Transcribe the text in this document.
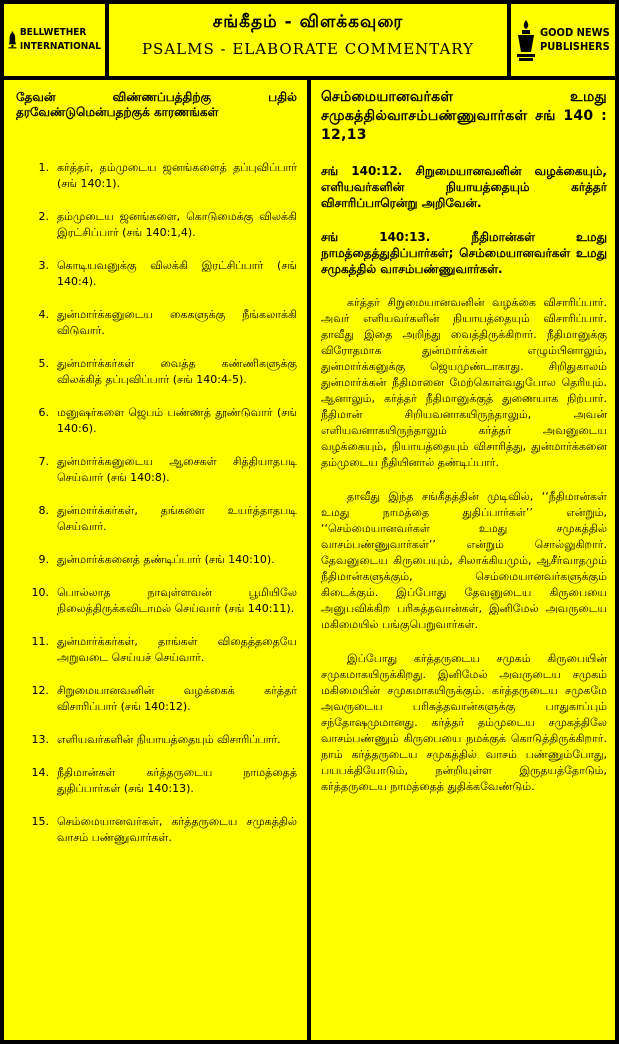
BELLWETHER
INTERNATIONAL
சங்கீதம் - விளக்கவுரை
PSALMS - ELABORATE COMMENTARY
GOOD NEWS
PUBLISHERS
தேவன் விண்ணப்பத்திற்கு பதில் தரவேண்டுமென்பதற்குக் காரணங்கள்
1. கர்த்தர், தம்முடைய ஜனங்களைத் தப்புவிப்பார் (சங் 140:1).
2. தம்முடைய ஜனங்களை, கொடுமைக்கு விலக்கி இரட்சிப்பார் (சங் 140:1,4).
3. கொடியவனுக்கு விலக்கி இரட்சிப்பார் (சங் 140:4).
4. துன்மார்க்கனுடைய கைகளுக்கு நீங்கலாக்கி விடுவார்.
5. துன்மார்க்கர்கள் வைத்த கண்ணிகளுக்கு விலக்கித் தப்புவிப்பார் (சங் 140:4-5).
6. மனுஷர்களை ஜெபம் பண்ணத் தூண்டுவார் (சங் 140:6).
7. துன்மார்க்கனுடைய ஆசைகள் சித்தியாதபடி செய்வார் (சங் 140:8).
8. துன்மார்க்கர்கள், தங்களை உயர்த்தாதபடி செய்வார்.
9. துன்மார்க்கனைத் தண்டிப்பார் (சங் 140:10).
10. பொல்லாத நாவுள்ளவன் பூமியிலே நிலைத்திருக்கவிடாமல் செய்வார் (சங் 140:11).
11. துன்மார்க்கர்கள், தாங்கள் விதைத்ததையே அறுவடை செய்யச் செய்வார்.
12. சிறுமையானவனின் வழக்கைக் கர்த்தர் விசாரிப்பார் (சங் 140:12).
13. எளியவர்களின் நியாயத்தையும் விசாரிப்பார்.
14. நீதிமான்கள் கர்த்தருடைய நாமத்தைத் துதிப்பார்கள் (சங் 140:13).
15. செம்மையானவர்கள், கர்த்தருடைய சமுகத்தில் வாசம் பண்ணுவார்கள்.
செம்மையானவர்கள் உமது சமுகத்தில்வாசம்பண்ணுவார்கள் சங் 140 : 12,13
சங் 140:12. சிறுமையானவனின் வழக்கையும், எளியவர்களின் நியாயத்தையும் கர்த்தர் விசாரிப்பாரென்று அறிவேன்.
சங் 140:13. நீதிமான்கள் உமது நாமத்தைத்துதிப்பார்கள்; செம்மையானவர்கள் உமது சமுகத்தில் வாசம்பண்ணுவார்கள்.
கர்த்தர் சிறுமையானவனின் வழக்கை விசாரிப்பார். அவர் எளியவர்களின் நியாயத்தையும் விசாரிப்பார். தாவீது இதை அறிந்து வைத்திருக்கிறார். நீதிமானுக்கு விரோதமாக துன்மார்க்கன் எழும்பினாலும், துன்மார்க்கனுக்கு ஜெயமுண்டாகாது. சிறிதுகாலம் துன்மார்க்கன் நீதிமானை மேற்கொள்வதுபோல தெரியும். ஆனாலும், கர்த்தர் நீதிமானுக்குத் துணையாக நிற்பார். நீதிமான் சிறியவனாகயிருந்தாலும், அவன் எளியவனாகயிருந்தாலும் கர்த்தர் அவனுடைய வழக்கையும், நியாயத்தையும் விசாரித்து, துன்மார்க்கனை தம்முடைய நீதியினால் தண்டிப்பார்.
தாவீது இந்த சங்கீதத்தின் முடிவில், ‘‘நீதிமான்கள் உமது நாமத்தை துதிப்பார்கள்’’ என்றும், ‘‘செம்மையானவர்கள் உமது சமுகத்தில் வாசம்பண்ணுவார்கள்’’ என்றும் சொல்லுகிறார். தேவனுடைய கிருபையும், சிலாக்கியமும், ஆசீர்வாதமும் நீதிமான்களுக்கும், செம்மையானவர்களுக்கும் கிடைக்கும். இப்போது தேவனுடைய கிருபையை அனுபவிக்கிற பரிசுத்தவான்கள், இனிமேல் அவருடைய மகிமையில் பங்குபெறுவார்கள்.
இப்போது கர்த்தருடைய சமுகம் கிருபையின் சமுகமாகயிருக்கிறது. இனிமேல் அவருடைய சமுகம் மகிமையின் சமுகமாகயிருக்கும். கர்த்தருடைய சமுகமே அவருடைய பரிசுத்தவான்களுக்கு பாதுகாப்பும் சந்தோஷமுமானது. கர்த்தர் தம்முடைய சமுகத்திலே வாசம்பண்ணும் கிருபையை நமக்குக் கொடுத்திருக்கிறார். நாம் கர்த்தருடைய சமுகத்தில் வாசம் பண்ணும்போது, பயபக்தியோடும், நன்றியுள்ள இருதயத்தோடும், கர்த்தருடைய நாமத்தைத் துதிக்கவேண்டும்.
